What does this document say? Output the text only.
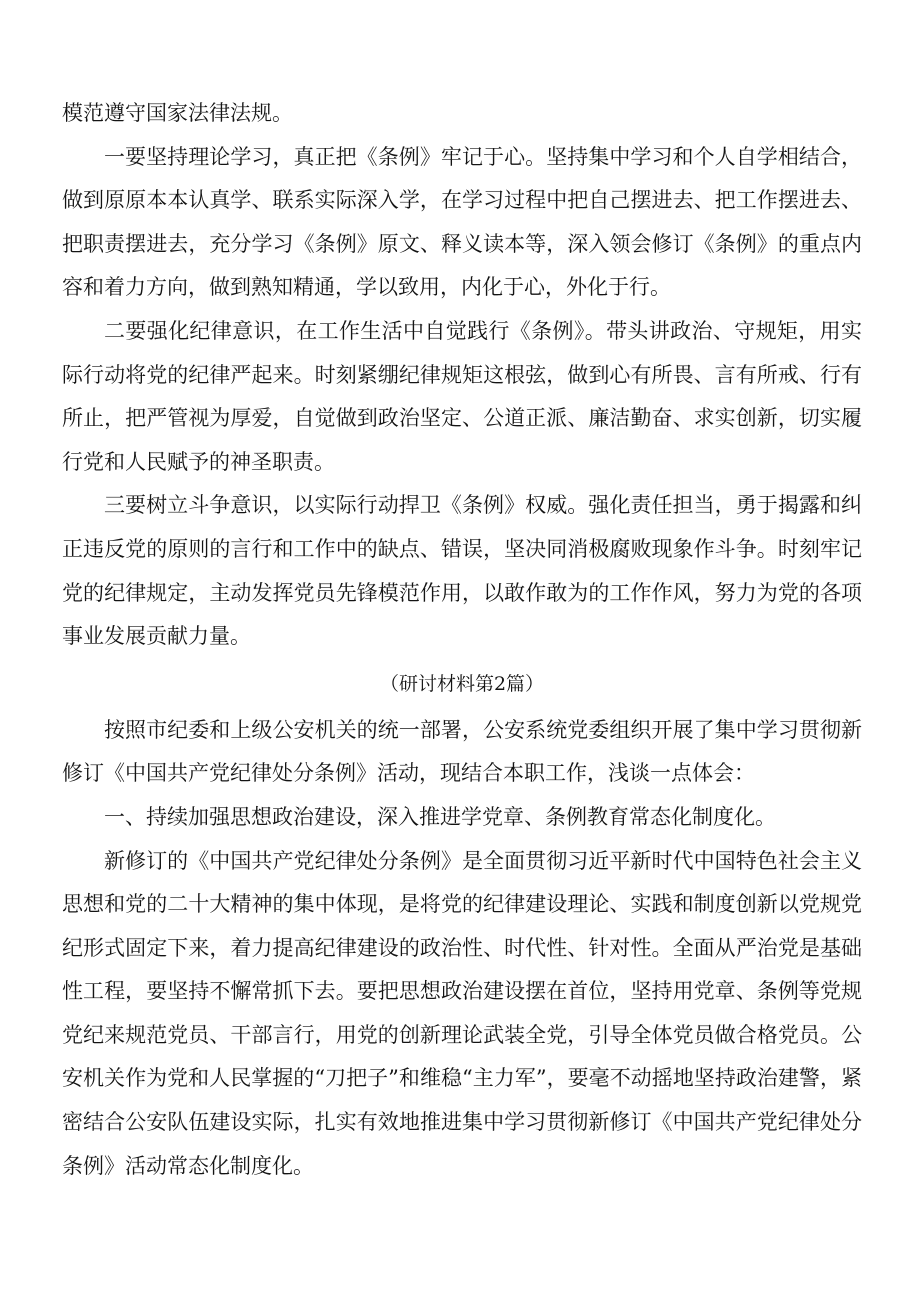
模范遵守国家法律法规。

一要坚持理论学习，真正把《条例》牢记于心。坚持集中学习和个人自学相结合，做到原原本本认真学、联系实际深入学，在学习过程中把自己摆进去、把工作摆进去、把职责摆进去，充分学习《条例》原文、释义读本等，深入领会修订《条例》的重点内容和着力方向，做到熟知精通，学以致用，内化于心，外化于行。

二要强化纪律意识，在工作生活中自觉践行《条例》。带头讲政治、守规矩，用实际行动将党的纪律严起来。时刻紧绷纪律规矩这根弦，做到心有所畏、言有所戒、行有所止，把严管视为厚爱，自觉做到政治坚定、公道正派、廉洁勤奋、求实创新，切实履行党和人民赋予的神圣职责。

三要树立斗争意识，以实际行动捍卫《条例》权威。强化责任担当，勇于揭露和纠正违反党的原则的言行和工作中的缺点、错误，坚决同消极腐败现象作斗争。时刻牢记党的纪律规定，主动发挥党员先锋模范作用，以敢作敢为的工作作风，努力为党的各项事业发展贡献力量。

（研讨材料第2篇）

按照市纪委和上级公安机关的统一部署，公安系统党委组织开展了集中学习贯彻新修订《中国共产党纪律处分条例》活动，现结合本职工作，浅谈一点体会：

一、持续加强思想政治建设，深入推进学党章、条例教育常态化制度化。

新修订的《中国共产党纪律处分条例》是全面贯彻习近平新时代中国特色社会主义思想和党的二十大精神的集中体现，是将党的纪律建设理论、实践和制度创新以党规党纪形式固定下来，着力提高纪律建设的政治性、时代性、针对性。全面从严治党是基础性工程，要坚持不懈常抓下去。要把思想政治建设摆在首位，坚持用党章、条例等党规党纪来规范党员、干部言行，用党的创新理论武装全党，引导全体党员做合格党员。公安机关作为党和人民掌握的“刀把子”和维稳“主力军”，要毫不动摇地坚持政治建警，紧密结合公安队伍建设实际，扎实有效地推进集中学习贯彻新修订《中国共产党纪律处分条例》活动常态化制度化。
